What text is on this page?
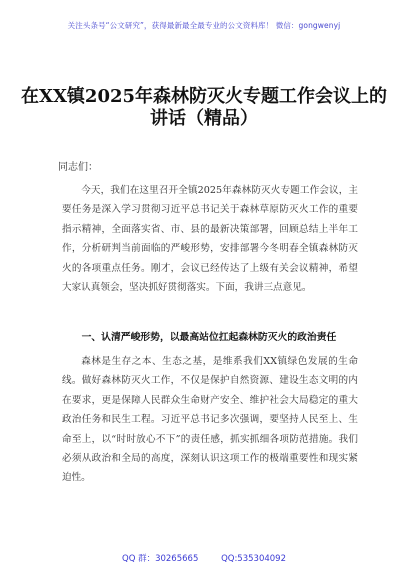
关注头条号“公文研究”，获得最新最全最专业的公文资料库！ 微信：gongwenyj
在XX镇2025年森林防灭火专题工作会议上的讲话（精品）
同志们：

今天，我们在这里召开全镇2025年森林防灭火专题工作会议，主要任务是深入学习贯彻习近平总书记关于森林草原防灭火工作的重要指示精神，全面落实省、市、县的最新决策部署，回顾总结上半年工作，分析研判当前面临的严峻形势，安排部署今冬明春全镇森林防灭火的各项重点任务。刚才，会议已经传达了上级有关会议精神，希望大家认真领会，坚决抓好贯彻落实。下面，我讲三点意见。

一、认清严峻形势，以最高站位扛起森林防灭火的政治责任

森林是生存之本、生态之基，是维系我们XX镇绿色发展的生命线。做好森林防灭火工作，不仅是保护自然资源、建设生态文明的内在要求，更是保障人民群众生命财产安全、维护社会大局稳定的重大政治任务和民生工程。习近平总书记多次强调，要坚持人民至上、生命至上，以“时时放心不下”的责任感，抓实抓细各项防范措施。我们必须从政治和全局的高度，深刻认识这项工作的极端重要性和现实紧迫性。

QQ 群：30265665	QQ:535304092
